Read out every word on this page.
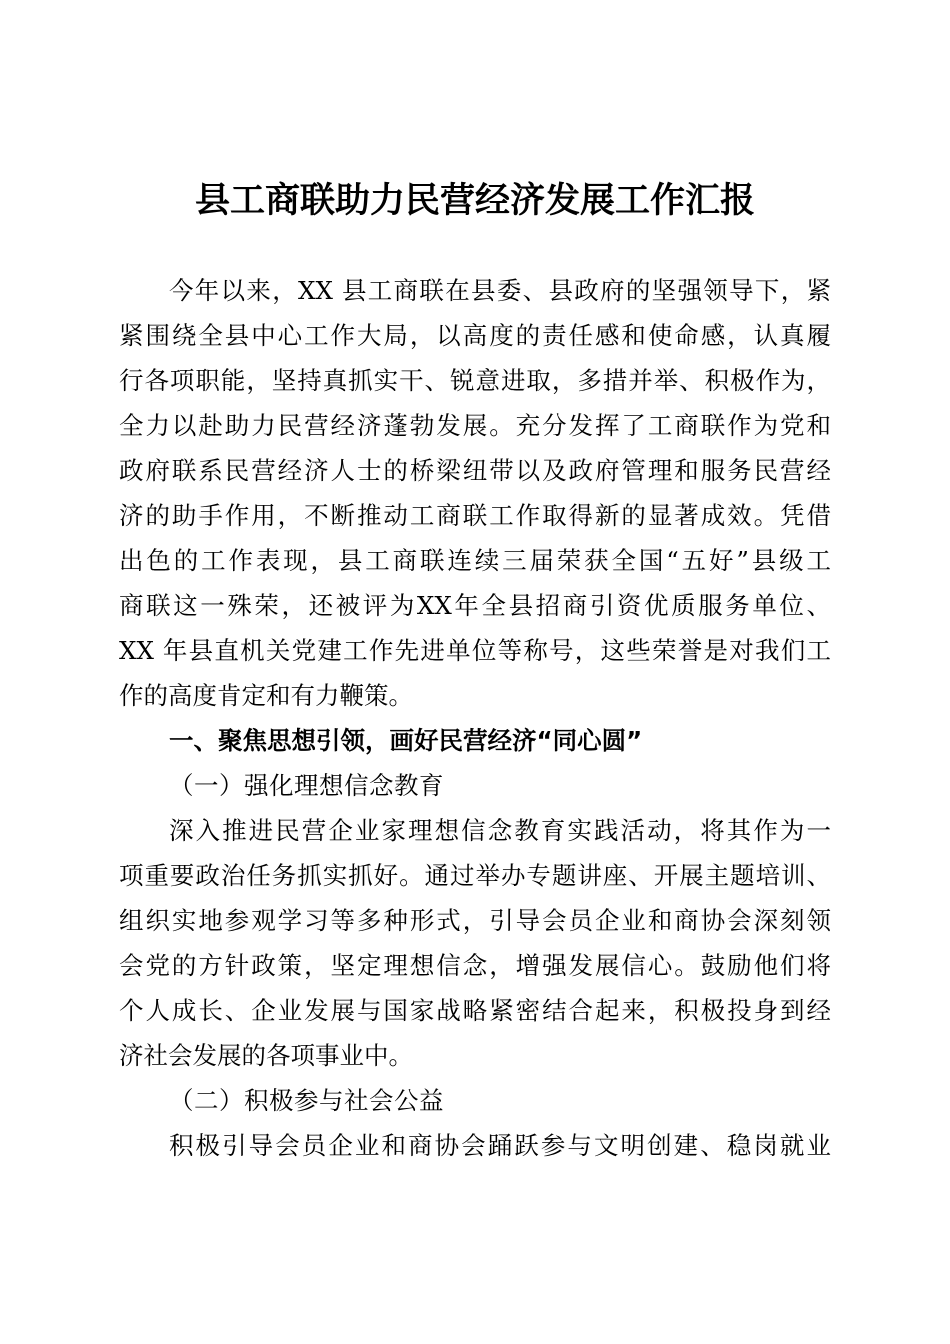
县工商联助力民营经济发展工作汇报
今年以来，XX 县工商联在县委、县政府的坚强领导下，紧
紧围绕全县中心工作大局，以高度的责任感和使命感，认真履
行各项职能，坚持真抓实干、锐意进取，多措并举、积极作为，
全力以赴助力民营经济蓬勃发展。充分发挥了工商联作为党和
政府联系民营经济人士的桥梁纽带以及政府管理和服务民营经
济的助手作用，不断推动工商联工作取得新的显著成效。凭借
出色的工作表现，县工商联连续三届荣获全国“五好”县级工
商联这一殊荣，还被评为XX年全县招商引资优质服务单位、
XX 年县直机关党建工作先进单位等称号，这些荣誉是对我们工
作的高度肯定和有力鞭策。
一、聚焦思想引领，画好民营经济“同心圆”
（一）强化理想信念教育
深入推进民营企业家理想信念教育实践活动，将其作为一
项重要政治任务抓实抓好。通过举办专题讲座、开展主题培训、
组织实地参观学习等多种形式，引导会员企业和商协会深刻领
会党的方针政策，坚定理想信念，增强发展信心。鼓励他们将
个人成长、企业发展与国家战略紧密结合起来，积极投身到经
济社会发展的各项事业中。
（二）积极参与社会公益
积极引导会员企业和商协会踊跃参与文明创建、稳岗就业
